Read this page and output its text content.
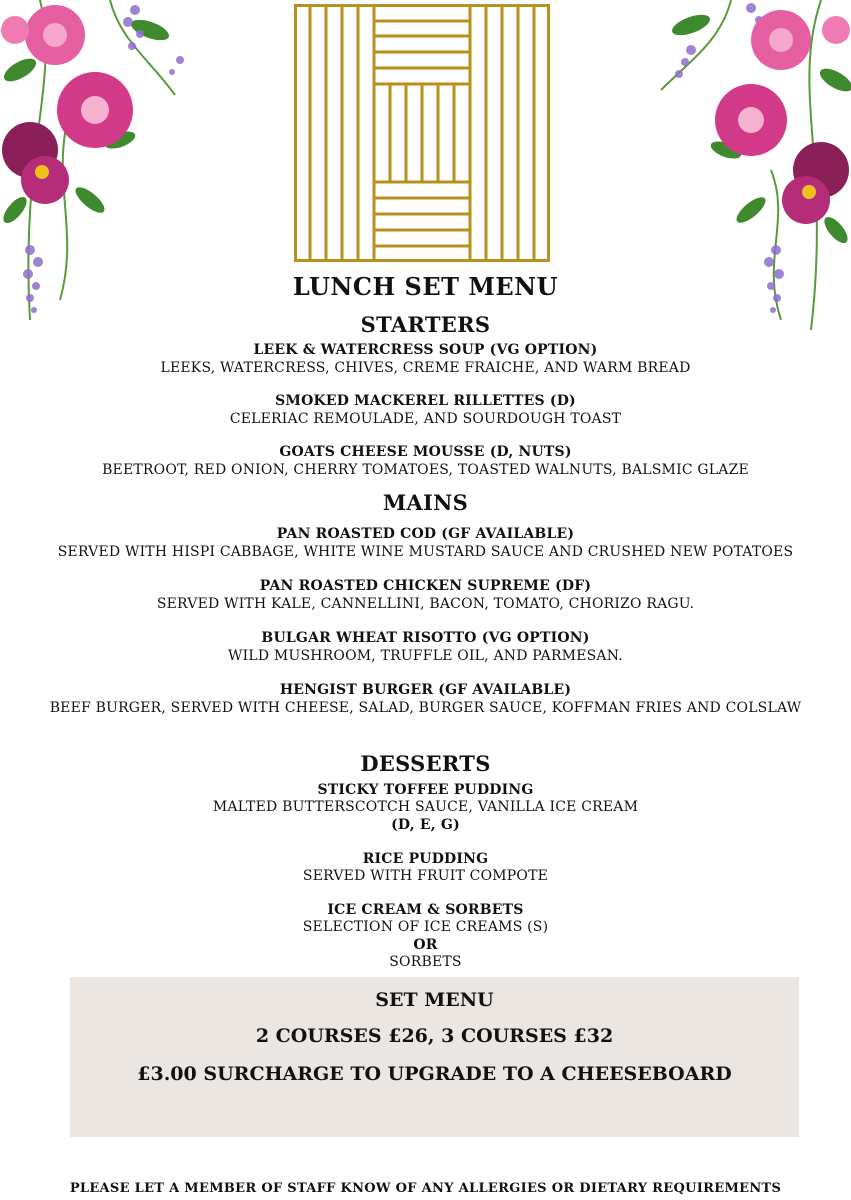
LUNCH SET MENU
STARTERS
LEEK & WATERCRESS SOUP (VG OPTION)
LEEKS, WATERCRESS, CHIVES, CREME FRAICHE, AND WARM BREAD
SMOKED MACKEREL RILLETTES (D)
CELERIAC REMOULADE, AND SOURDOUGH TOAST
GOATS CHEESE MOUSSE (D, NUTS)
BEETROOT, RED ONION, CHERRY TOMATOES, TOASTED WALNUTS, BALSMIC GLAZE
MAINS
PAN ROASTED COD (GF AVAILABLE)
SERVED WITH HISPI CABBAGE, WHITE WINE MUSTARD SAUCE AND CRUSHED NEW POTATOES
PAN ROASTED CHICKEN SUPREME (DF)
SERVED WITH KALE, CANNELLINI, BACON, TOMATO, CHORIZO RAGU.
BULGAR WHEAT RISOTTO (VG OPTION)
WILD MUSHROOM, TRUFFLE OIL, AND PARMESAN.
HENGIST BURGER (GF AVAILABLE)
BEEF BURGER, SERVED WITH CHEESE, SALAD, BURGER SAUCE, KOFFMAN FRIES AND COLSLAW
DESSERTS
STICKY TOFFEE PUDDING
MALTED BUTTERSCOTCH SAUCE, VANILLA ICE CREAM
(D, E, G)
RICE PUDDING
SERVED WITH FRUIT COMPOTE
ICE CREAM & SORBETS
SELECTION OF ICE CREAMS (S)
OR
SORBETS
SET MENU
2 COURSES £26, 3 COURSES £32
£3.00 SURCHARGE TO UPGRADE TO A CHEESEBOARD
PLEASE LET A MEMBER OF STAFF KNOW OF ANY ALLERGIES OR DIETARY REQUIREMENTS
